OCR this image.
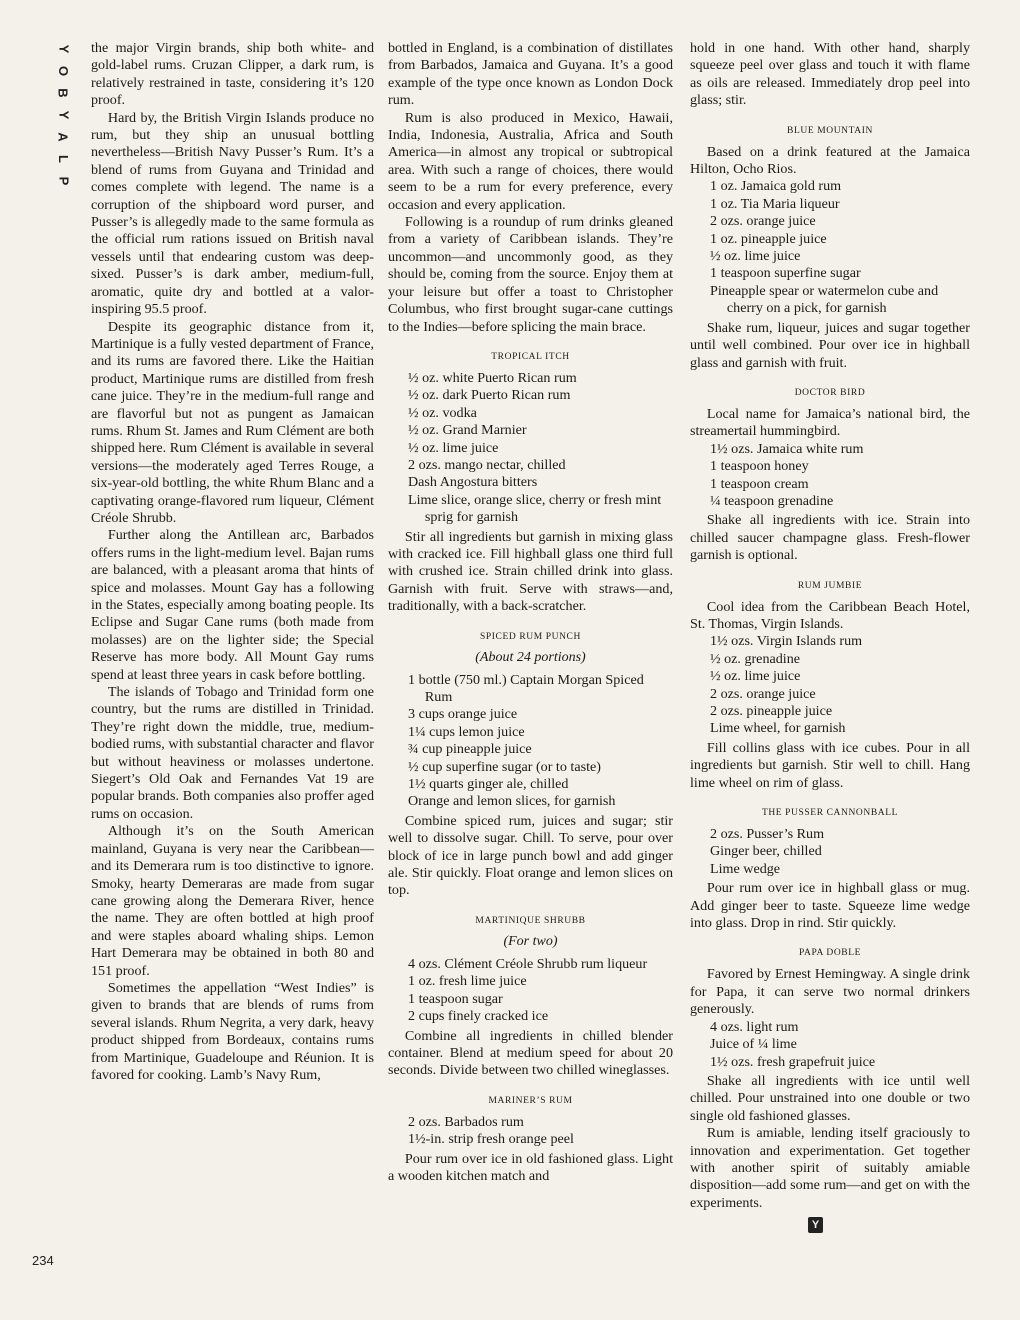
Y
O
B
Y
A
L
P
234

the major Virgin brands, ship both white- and gold-label rums. Cruzan Clipper, a dark rum, is relatively restrained in taste, considering it’s 120 proof.

Hard by, the British Virgin Islands produce no rum, but they ship an unusual bottling nevertheless—British Navy Pusser’s Rum. It’s a blend of rums from Guyana and Trinidad and comes complete with legend. The name is a corruption of the shipboard word purser, and Pusser’s is allegedly made to the same formula as the official rum rations issued on British naval vessels until that endearing custom was deep-sixed. Pusser’s is dark amber, medium-full, aromatic, quite dry and bottled at a valor-inspiring 95.5 proof.

Despite its geographic distance from it, Martinique is a fully vested department of France, and its rums are favored there. Like the Haitian product, Martinique rums are distilled from fresh cane juice. They’re in the medium-full range and are flavorful but not as pungent as Jamaican rums. Rhum St. James and Rum Clément are both shipped here. Rum Clément is available in several versions—the moderately aged Terres Rouge, a six-year-old bottling, the white Rhum Blanc and a captivating orange-flavored rum liqueur, Clément Créole Shrubb.

Further along the Antillean arc, Barbados offers rums in the light-medium level. Bajan rums are balanced, with a pleasant aroma that hints of spice and molasses. Mount Gay has a following in the States, especially among boating people. Its Eclipse and Sugar Cane rums (both made from molasses) are on the lighter side; the Special Reserve has more body. All Mount Gay rums spend at least three years in cask before bottling.

The islands of Tobago and Trinidad form one country, but the rums are distilled in Trinidad. They’re right down the middle, true, medium-bodied rums, with substantial character and flavor but without heaviness or molasses undertone. Siegert’s Old Oak and Fernandes Vat 19 are popular brands. Both companies also proffer aged rums on occasion.

Although it’s on the South American mainland, Guyana is very near the Caribbean—and its Demerara rum is too distinctive to ignore. Smoky, hearty Demeraras are made from sugar cane growing along the Demerara River, hence the name. They are often bottled at high proof and were staples aboard whaling ships. Lemon Hart Demerara may be obtained in both 80 and 151 proof.

Sometimes the appellation “West Indies” is given to brands that are blends of rums from several islands. Rhum Negrita, a very dark, heavy product shipped from Bordeaux, contains rums from Martinique, Guadeloupe and Réunion. It is favored for cooking. Lamb’s Navy Rum,

bottled in England, is a combination of distillates from Barbados, Jamaica and Guyana. It’s a good example of the type once known as London Dock rum.

Rum is also produced in Mexico, Hawaii, India, Indonesia, Australia, Africa and South America—in almost any tropical or subtropical area. With such a range of choices, there would seem to be a rum for every preference, every occasion and every application.

Following is a roundup of rum drinks gleaned from a variety of Caribbean islands. They’re uncommon—and uncommonly good, as they should be, coming from the source. Enjoy them at your leisure but offer a toast to Christopher Columbus, who first brought sugar-cane cuttings to the Indies—before splicing the main brace.

TROPICAL ITCH
½ oz. white Puerto Rican rum
½ oz. dark Puerto Rican rum
½ oz. vodka
½ oz. Grand Marnier
½ oz. lime juice
2 ozs. mango nectar, chilled
Dash Angostura bitters
Lime slice, orange slice, cherry or fresh mint sprig for garnish

Stir all ingredients but garnish in mixing glass with cracked ice. Fill highball glass one third full with crushed ice. Strain chilled drink into glass. Garnish with fruit. Serve with straws—and, traditionally, with a back-scratcher.

SPICED RUM PUNCH
(About 24 portions)
1 bottle (750 ml.) Captain Morgan Spiced Rum
3 cups orange juice
1¼ cups lemon juice
¾ cup pineapple juice
½ cup superfine sugar (or to taste)
1½ quarts ginger ale, chilled
Orange and lemon slices, for garnish

Combine spiced rum, juices and sugar; stir well to dissolve sugar. Chill. To serve, pour over block of ice in large punch bowl and add ginger ale. Stir quickly. Float orange and lemon slices on top.

MARTINIQUE SHRUBB
(For two)
4 ozs. Clément Créole Shrubb rum liqueur
1 oz. fresh lime juice
1 teaspoon sugar
2 cups finely cracked ice

Combine all ingredients in chilled blender container. Blend at medium speed for about 20 seconds. Divide between two chilled wineglasses.

MARINER’S RUM
2 ozs. Barbados rum
1½-in. strip fresh orange peel

Pour rum over ice in old fashioned glass. Light a wooden kitchen match and

hold in one hand. With other hand, sharply squeeze peel over glass and touch it with flame as oils are released. Immediately drop peel into glass; stir.

BLUE MOUNTAIN

Based on a drink featured at the Jamaica Hilton, Ocho Rios.

1 oz. Jamaica gold rum
1 oz. Tia Maria liqueur
2 ozs. orange juice
1 oz. pineapple juice
½ oz. lime juice
1 teaspoon superfine sugar
Pineapple spear or watermelon cube and cherry on a pick, for garnish

Shake rum, liqueur, juices and sugar together until well combined. Pour over ice in highball glass and garnish with fruit.

DOCTOR BIRD

Local name for Jamaica’s national bird, the streamertail hummingbird.

1½ ozs. Jamaica white rum
1 teaspoon honey
1 teaspoon cream
¼ teaspoon grenadine

Shake all ingredients with ice. Strain into chilled saucer champagne glass. Fresh-flower garnish is optional.

RUM JUMBIE

Cool idea from the Caribbean Beach Hotel, St. Thomas, Virgin Islands.

1½ ozs. Virgin Islands rum
½ oz. grenadine
½ oz. lime juice
2 ozs. orange juice
2 ozs. pineapple juice
Lime wheel, for garnish

Fill collins glass with ice cubes. Pour in all ingredients but garnish. Stir well to chill. Hang lime wheel on rim of glass.

THE PUSSER CANNONBALL
2 ozs. Pusser’s Rum
Ginger beer, chilled
Lime wedge

Pour rum over ice in highball glass or mug. Add ginger beer to taste. Squeeze lime wedge into glass. Drop in rind. Stir quickly.

PAPA DOBLE

Favored by Ernest Hemingway. A single drink for Papa, it can serve two normal drinkers generously.

4 ozs. light rum
Juice of ¼ lime
1½ ozs. fresh grapefruit juice

Shake all ingredients with ice until well chilled. Pour unstrained into one double or two single old fashioned glasses.

Rum is amiable, lending itself graciously to innovation and experimentation. Get together with another spirit of suitably amiable disposition—add some rum—and get on with the experiments.

Y
